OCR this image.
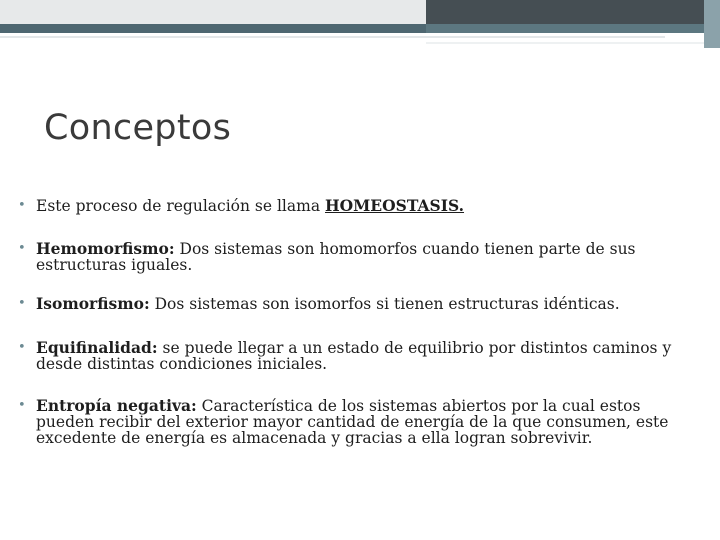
Conceptos
• Este proceso de regulación se llama HOMEOSTASIS.
• Hemomorfismo: Dos sistemas son homomorfos cuando tienen parte de sus estructuras iguales.
• Isomorfismo: Dos sistemas son isomorfos si tienen estructuras idénticas.
• Equifinalidad: se puede llegar a un estado de equilibrio por distintos caminos y desde distintas condiciones iniciales.
• Entropía negativa: Característica de los sistemas abiertos por la cual estos pueden recibir del exterior mayor cantidad de energía de la que consumen, este excedente de energía es almacenada y gracias a ella logran sobrevivir.
